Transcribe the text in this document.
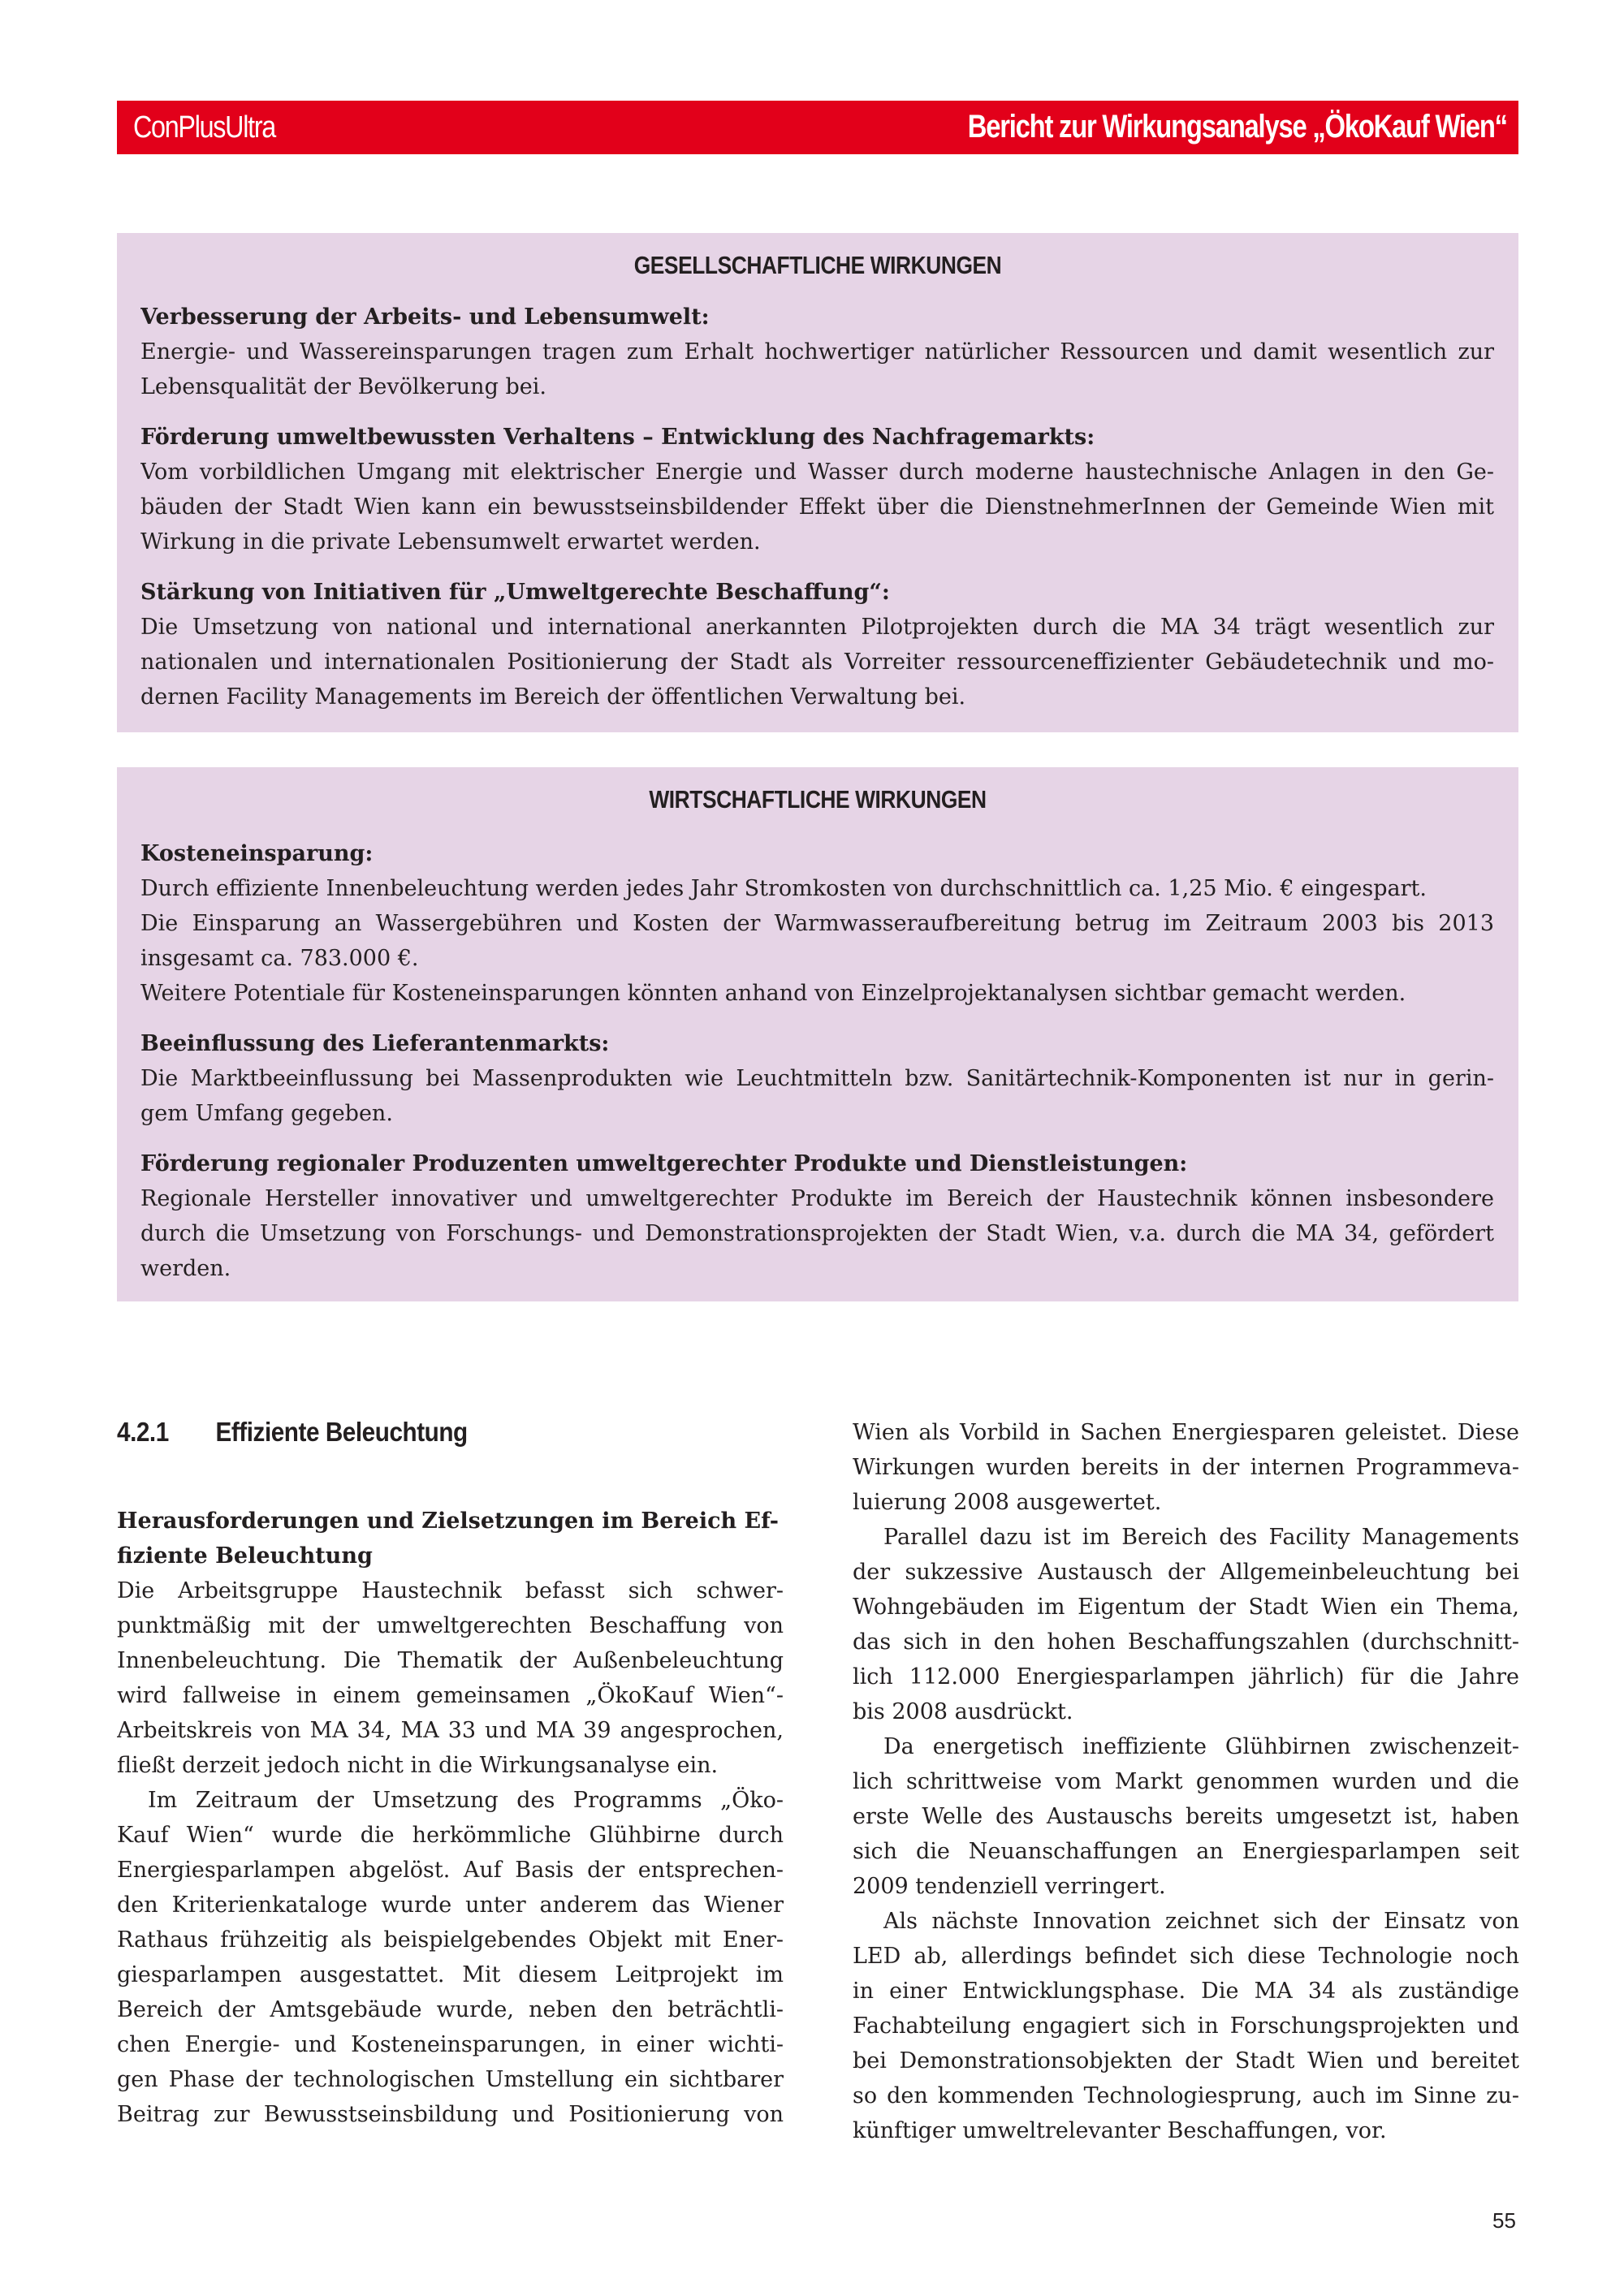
ConPlusUltra	Bericht zur Wirkungsanalyse „ÖkoKauf Wien“
GESELLSCHAFTLICHE WIRKUNGEN
Verbesserung der Arbeits- und Lebensumwelt:
Energie- und Wassereinsparungen tragen zum Erhalt hochwertiger natürlicher Ressourcen und damit wesentlich zur
Lebensqualität der Bevölkerung bei.
Förderung umweltbewussten Verhaltens – Entwicklung des Nachfragemarkts:
Vom vorbildlichen Umgang mit elektrischer Energie und Wasser durch moderne haustechnische Anlagen in den Ge-
bäuden der Stadt Wien kann ein bewusstseinsbildender Effekt über die DienstnehmerInnen der Gemeinde Wien mit
Wirkung in die private Lebensumwelt erwartet werden.
Stärkung von Initiativen für „Umweltgerechte Beschaffung“:
Die Umsetzung von national und international anerkannten Pilotprojekten durch die MA 34 trägt wesentlich zur
nationalen und internationalen Positionierung der Stadt als Vorreiter ressourceneffizienter Gebäudetechnik und mo-
dernen Facility Managements im Bereich der öffentlichen Verwaltung bei.
WIRTSCHAFTLICHE WIRKUNGEN
Kosteneinsparung:
Durch effiziente Innenbeleuchtung werden jedes Jahr Stromkosten von durchschnittlich ca. 1,25 Mio. € eingespart.
Die Einsparung an Wassergebühren und Kosten der Warmwasseraufbereitung betrug im Zeitraum 2003 bis 2013
insgesamt ca. 783.000 €.
Weitere Potentiale für Kosteneinsparungen könnten anhand von Einzelprojektanalysen sichtbar gemacht werden.
Beeinflussung des Lieferantenmarkts:
Die Marktbeeinflussung bei Massenprodukten wie Leuchtmitteln bzw. Sanitärtechnik-Komponenten ist nur in gerin-
gem Umfang gegeben.
Förderung regionaler Produzenten umweltgerechter Produkte und Dienstleistungen:
Regionale Hersteller innovativer und umweltgerechter Produkte im Bereich der Haustechnik können insbesondere
durch die Umsetzung von Forschungs- und Demonstrationsprojekten der Stadt Wien, v.a. durch die MA 34, gefördert
werden.
4.2.1 Effiziente Beleuchtung
Herausforderungen und Zielsetzungen im Bereich Ef-
fiziente Beleuchtung
Die Arbeitsgruppe Haustechnik befasst sich schwer-
punktmäßig mit der umweltgerechten Beschaffung von
Innenbeleuchtung. Die Thematik der Außenbeleuchtung
wird fallweise in einem gemeinsamen „ÖkoKauf Wien“-
Arbeitskreis von MA 34, MA 33 und MA 39 angesprochen,
fließt derzeit jedoch nicht in die Wirkungsanalyse ein.
Im Zeitraum der Umsetzung des Programms „Öko-
Kauf Wien“ wurde die herkömmliche Glühbirne durch
Energiesparlampen abgelöst. Auf Basis der entsprechen-
den Kriterienkataloge wurde unter anderem das Wiener
Rathaus frühzeitig als beispielgebendes Objekt mit Ener-
giesparlampen ausgestattet. Mit diesem Leitprojekt im
Bereich der Amtsgebäude wurde, neben den beträchtli-
chen Energie- und Kosteneinsparungen, in einer wichti-
gen Phase der technologischen Umstellung ein sichtbarer
Beitrag zur Bewusstseinsbildung und Positionierung von
Wien als Vorbild in Sachen Energiesparen geleistet. Diese
Wirkungen wurden bereits in der internen Programmeva-
luierung 2008 ausgewertet.
Parallel dazu ist im Bereich des Facility Managements
der sukzessive Austausch der Allgemeinbeleuchtung bei
Wohngebäuden im Eigentum der Stadt Wien ein Thema,
das sich in den hohen Beschaffungszahlen (durchschnitt-
lich 112.000 Energiesparlampen jährlich) für die Jahre
bis 2008 ausdrückt.
Da energetisch ineffiziente Glühbirnen zwischenzeit-
lich schrittweise vom Markt genommen wurden und die
erste Welle des Austauschs bereits umgesetzt ist, haben
sich die Neuanschaffungen an Energiesparlampen seit
2009 tendenziell verringert.
Als nächste Innovation zeichnet sich der Einsatz von
LED ab, allerdings befindet sich diese Technologie noch
in einer Entwicklungsphase. Die MA 34 als zuständige
Fachabteilung engagiert sich in Forschungsprojekten und
bei Demonstrationsobjekten der Stadt Wien und bereitet
so den kommenden Technologiesprung, auch im Sinne zu-
künftiger umweltrelevanter Beschaffungen, vor.
55
